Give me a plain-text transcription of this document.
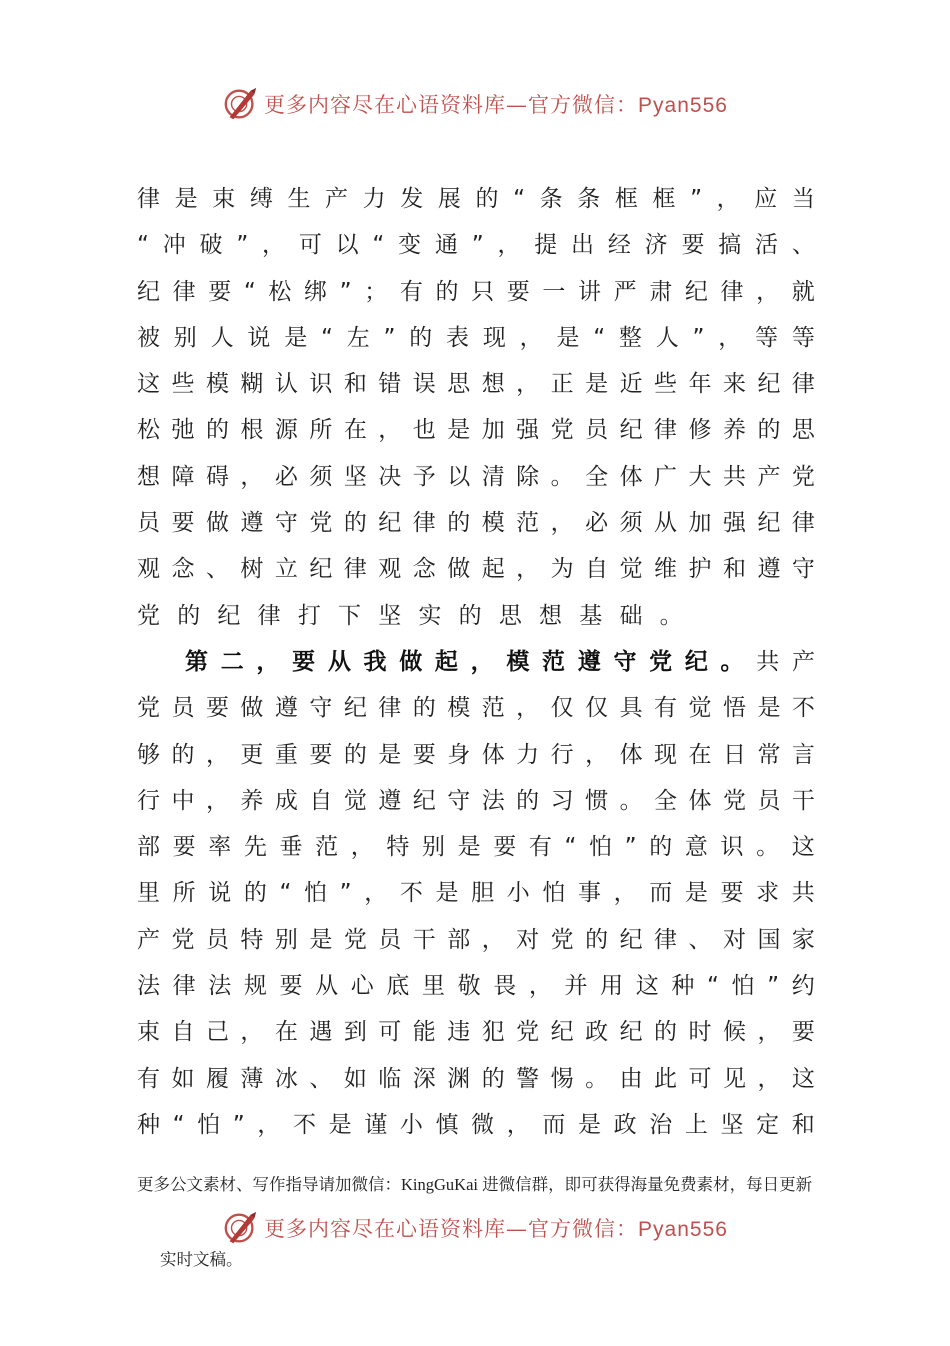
更多内容尽在心语资料库—官方微信：Pyan556
律 是 束 缚 生 产 力 发 展 的 “ 条 条 框 框 ” ， 应 当
“ 冲 破 ” ， 可 以 “ 变 通 ” ， 提 出 经 济 要 搞 活 、
纪 律 要 “ 松 绑 ” ； 有 的 只 要 一 讲 严 肃 纪 律 ， 就
被 别 人 说 是 “ 左 ” 的 表 现 ， 是 “ 整 人 ” ， 等 等
这 些 模 糊 认 识 和 错 误 思 想 ， 正 是 近 些 年 来 纪 律
松 弛 的 根 源 所 在 ， 也 是 加 强 党 员 纪 律 修 养 的 思
想 障 碍 ， 必 须 坚 决 予 以 清 除 。 全 体 广 大 共 产 党
员 要 做 遵 守 党 的 纪 律 的 模 范 ， 必 须 从 加 强 纪 律
观 念 、 树 立 纪 律 观 念 做 起 ， 为 自 觉 维 护 和 遵 守
党 的 纪 律 打 下 坚 实 的 思 想 基 础 。
第 二 ， 要 从 我 做 起 ， 模 范 遵 守 党 纪 。 共 产
党 员 要 做 遵 守 纪 律 的 模 范 ， 仅 仅 具 有 觉 悟 是 不
够 的 ， 更 重 要 的 是 要 身 体 力 行 ， 体 现 在 日 常 言
行 中 ， 养 成 自 觉 遵 纪 守 法 的 习 惯 。 全 体 党 员 干
部 要 率 先 垂 范 ， 特 别 是 要 有 “ 怕 ” 的 意 识 。 这
里 所 说 的 “ 怕 ” ， 不 是 胆 小 怕 事 ， 而 是 要 求 共
产 党 员 特 别 是 党 员 干 部 ， 对 党 的 纪 律 、 对 国 家
法 律 法 规 要 从 心 底 里 敬 畏 ， 并 用 这 种 “ 怕 ” 约
束 自 己 ， 在 遇 到 可 能 违 犯 党 纪 政 纪 的 时 候 ， 要
有 如 履 薄 冰 、 如 临 深 渊 的 警 惕 。 由 此 可 见 ， 这
种 “ 怕 ” ， 不 是 谨 小 慎 微 ， 而 是 政 治 上 坚 定 和
更多公文素材、写作指导请加微信：KingGuKai 进微信群，即可获得海量免费素材，每日更新
更多内容尽在心语资料库—官方微信：Pyan556
实时文稿。
